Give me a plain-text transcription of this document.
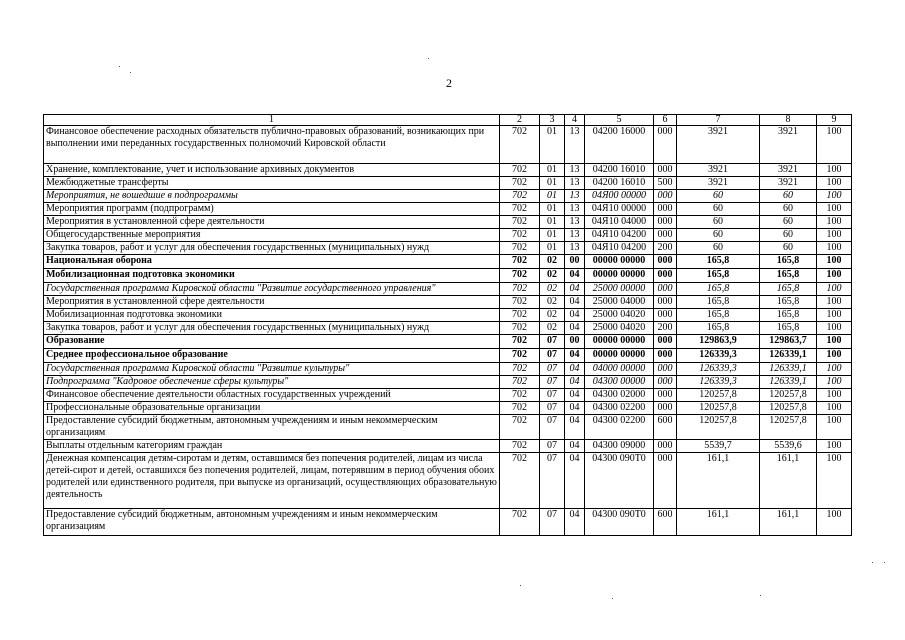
2
1	2	3	4	5	6	7	8	9
Финансовое обеспечение расходных обязательств публично-правовых образований, возникающих при выполнении ими переданных государственных полномочий Кировской области	702	01	13	04200 16000	000	3921	3921	100
Хранение, комплектование, учет и использование архивных документов	702	01	13	04200 16010	000	3921	3921	100
Межбюджетные трансферты	702	01	13	04200 16010	500	3921	3921	100
Мероприятия, не вошедшие в подпрограммы	702	01	13	04Я00 00000	000	60	60	100
Мероприятия программ (подпрограмм)	702	01	13	04Я10 00000	000	60	60	100
Мероприятия в установленной сфере деятельности	702	01	13	04Я10 04000	000	60	60	100
Общегосударственные мероприятия	702	01	13	04Я10 04200	000	60	60	100
Закупка товаров, работ и услуг для обеспечения государственных (муниципальных) нужд	702	01	13	04Я10 04200	200	60	60	100
Национальная оборона	702	02	00	00000 00000	000	165,8	165,8	100
Мобилизационная подготовка экономики	702	02	04	00000 00000	000	165,8	165,8	100
Государственная программа Кировской области "Развитие государственного управления"	702	02	04	25000 00000	000	165,8	165,8	100
Мероприятия в установленной сфере деятельности	702	02	04	25000 04000	000	165,8	165,8	100
Мобилизационная подготовка экономики	702	02	04	25000 04020	000	165,8	165,8	100
Закупка товаров, работ и услуг для обеспечения государственных (муниципальных) нужд	702	02	04	25000 04020	200	165,8	165,8	100
Образование	702	07	00	00000 00000	000	129863,9	129863,7	100
Среднее профессиональное образование	702	07	04	00000 00000	000	126339,3	126339,1	100
Государственная программа Кировской области "Развитие культуры"	702	07	04	04000 00000	000	126339,3	126339,1	100
Подпрограмма "Кадровое обеспечение сферы культуры"	702	07	04	04300 00000	000	126339,3	126339,1	100
Финансовое обеспечение деятельности областных государственных учреждений	702	07	04	04300 02000	000	120257,8	120257,8	100
Профессиональные образовательные организации	702	07	04	04300 02200	000	120257,8	120257,8	100
Предоставление субсидий бюджетным, автономным учреждениям и иным некоммерческим организациям	702	07	04	04300 02200	600	120257,8	120257,8	100
Выплаты отдельным категориям граждан	702	07	04	04300 09000	000	5539,7	5539,6	100
Денежная компенсация детям-сиротам и детям, оставшимся без попечения родителей, лицам из числа детей-сирот и детей, оставшихся без попечения родителей, лицам, потерявшим в период обучения обоих родителей или единственного родителя, при выпуске из организаций, осуществляющих образовательную деятельность	702	07	04	04300 090Т0	000	161,1	161,1	100
Предоставление субсидий бюджетным, автономным учреждениям и иным некоммерческим организациям	702	07	04	04300 090Т0	600	161,1	161,1	100
